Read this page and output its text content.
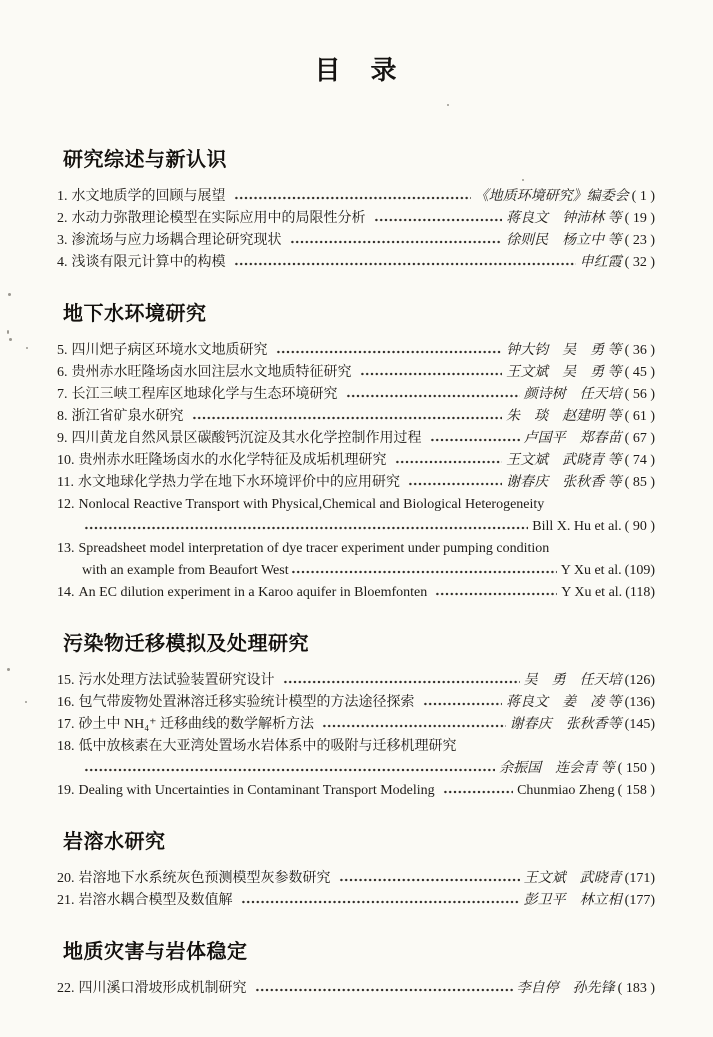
目　录
研究综述与新认识
1. 水文地质学的回顾与展望	《地质环境研究》编委会 ( 1 )
2. 水动力弥散理论模型在实际应用中的局限性分析	蒋良文　钟沛林 等 ( 19 )
3. 渗流场与应力场耦合理论研究现状	徐则民　杨立中 等 ( 23 )
4. 浅谈有限元计算中的构模	申红霞 ( 32 )
地下水环境研究
5. 四川𤆵子病区环境水文地质研究	钟大钧　吴　勇 等 ( 36 )
6. 贵州赤水旺隆场卤水回注层水文地质特征研究	王文斌　吴　勇 等 ( 45 )
7. 长江三峡工程库区地球化学与生态环境研究	颜诗树　任天培 ( 56 )
8. 浙江省矿泉水研究	朱　琰　赵建明 等 ( 61 )
9. 四川黄龙自然风景区碳酸钙沉淀及其水化学控制作用过程	卢国平　郑春苗 ( 67 )
10. 贵州赤水旺隆场卤水的水化学特征及成垢机理研究	王文斌　武晓青 等 ( 74 )
11. 水文地球化学热力学在地下水环境评价中的应用研究	谢春庆　张秋香 等 ( 85 )
12. Nonlocal Reactive Transport with Physical,Chemical and Biological Heterogeneity
Bill X. Hu et al. ( 90 )
13. Spreadsheet model interpretation of dye tracer experiment under pumping condition
with an example from Beaufort West	Y Xu et al. (109)
14. An EC dilution experiment in a Karoo aquifer in Bloemfonten	Y Xu et al. (118)
污染物迁移模拟及处理研究
15. 污水处理方法试验装置研究设计	吴　勇　任天培 (126)
16. 包气带废物处置淋溶迁移实验统计模型的方法途径探索	蒋良文　姜　凌 等 (136)
17. 砂土中 NH₄⁺ 迁移曲线的数学解析方法	谢春庆　张秋香等 (145)
18. 低中放核素在大亚湾处置场水岩体系中的吸附与迁移机理研究
余振国　连会青 等 ( 150 )
19. Dealing with Uncertainties in Contaminant Transport Modeling	Chunmiao Zheng ( 158 )
岩溶水研究
20. 岩溶地下水系统灰色预测模型灰参数研究	王文斌　武晓青 (171)
21. 岩溶水耦合模型及数值解	彭卫平　林立相 (177)
地质灾害与岩体稳定
22. 四川溪口滑坡形成机制研究	李自停　孙先锋 ( 183 )
